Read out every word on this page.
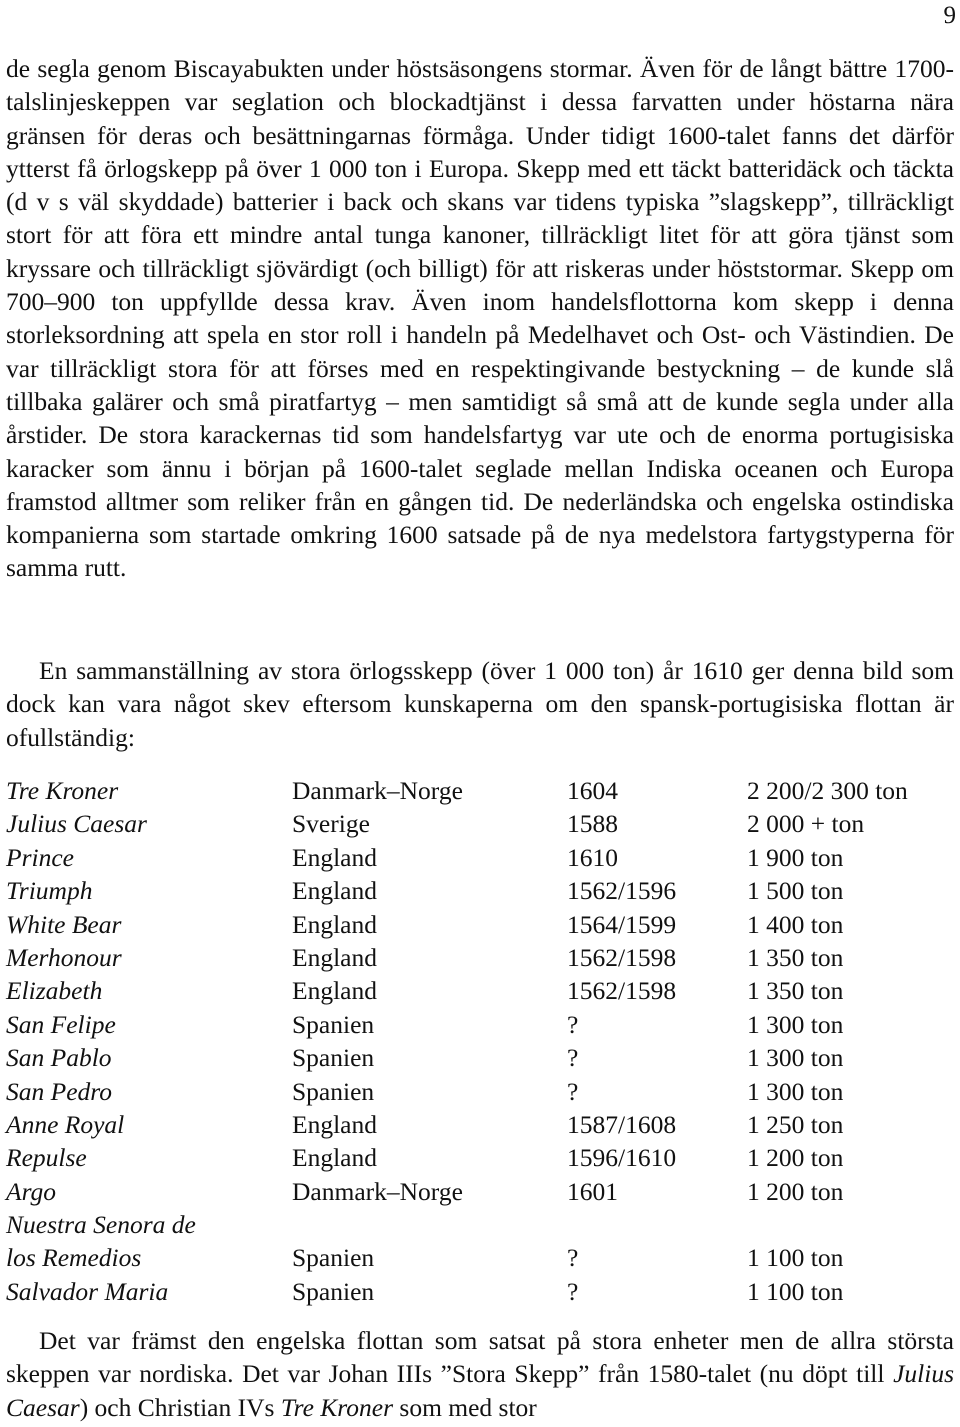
9

de segla genom Biscayabukten under höstsäsongens stormar. Även för de långt bättre 1700-talslinjeskeppen var seglation och blockadtjänst i dessa farvatten under höstarna nära gränsen för deras och besättningarnas förmåga. Under tidigt 1600-talet fanns det därför ytterst få örlogskepp på över 1 000 ton i Europa. Skepp med ett täckt batteridäck och täckta (d v s väl skyddade) batterier i back och skans var tidens typiska ”slagskepp”, tillräckligt stort för att föra ett mindre antal tunga kanoner, tillräckligt litet för att göra tjänst som kryssare och tillräckligt sjövärdigt (och billigt) för att riskeras under höststormar. Skepp om 700–900 ton uppfyllde dessa krav. Även inom handelsflottorna kom skepp i denna storleksordning att spela en stor roll i handeln på Medelhavet och Ost- och Västindien. De var tillräckligt stora för att förses med en respektingivande bestyckning – de kunde slå tillbaka galärer och små piratfartyg – men samtidigt så små att de kunde segla under alla årstider. De stora karackernas tid som handelsfartyg var ute och de enorma portugisiska karacker som ännu i början på 1600-talet seglade mellan Indiska oceanen och Europa framstod alltmer som reliker från en gången tid. De nederländska och engelska ostindiska kompanierna som startade omkring 1600 satsade på de nya medelstora fartygstyperna för samma rutt.

En sammanställning av stora örlogsskepp (över 1 000 ton) år 1610 ger denna bild som dock kan vara något skev eftersom kunskaperna om den spansk-portugisiska flottan är ofullständig:

Tre Kroner	Danmark–Norge	1604	2 200/2 300 ton
Julius Caesar	Sverige	1588	2 000 + ton
Prince	England	1610	1 900 ton
Triumph	England	1562/1596	1 500 ton
White Bear	England	1564/1599	1 400 ton
Merhonour	England	1562/1598	1 350 ton
Elizabeth	England	1562/1598	1 350 ton
San Felipe	Spanien	?	1 300 ton
San Pablo	Spanien	?	1 300 ton
San Pedro	Spanien	?	1 300 ton
Anne Royal	England	1587/1608	1 250 ton
Repulse	England	1596/1610	1 200 ton
Argo	Danmark–Norge	1601	1 200 ton
Nuestra Senora de
los Remedios	Spanien	?	1 100 ton
Salvador Maria	Spanien	?	1 100 ton

Det var främst den engelska flottan som satsat på stora enheter men de allra största skeppen var nordiska. Det var Johan IIIs ”Stora Skepp” från 1580-talet (nu döpt till Julius Caesar) och Christian IVs Tre Kroner som med stor
